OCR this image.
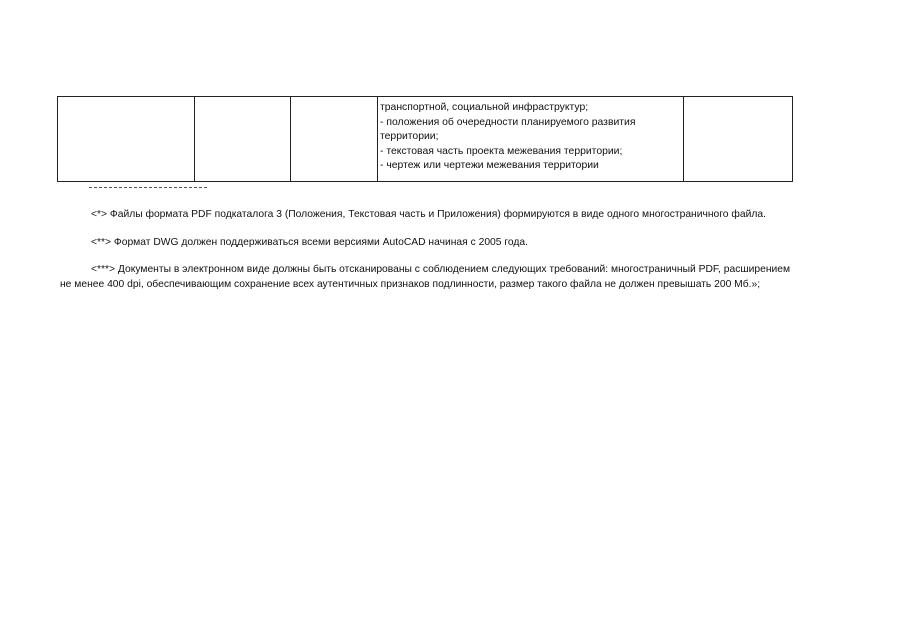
транспортной, социальной инфраструктур;
- положения об очередности планируемого развития
территории;
- текстовая часть проекта межевания территории;
- чертеж или чертежи межевания территории

<*> Файлы формата PDF подкаталога 3 (Положения, Текстовая часть и Приложения) формируются в виде одного многостраничного файла.

<**> Формат DWG должен поддерживаться всеми версиями AutoCAD начиная с 2005 года.

<***> Документы в электронном виде должны быть отсканированы с соблюдением следующих требований: многостраничный PDF, расширением
не менее 400 dpi, обеспечивающим сохранение всех аутентичных признаков подлинности, размер такого файла не должен превышать 200 Мб.»;
